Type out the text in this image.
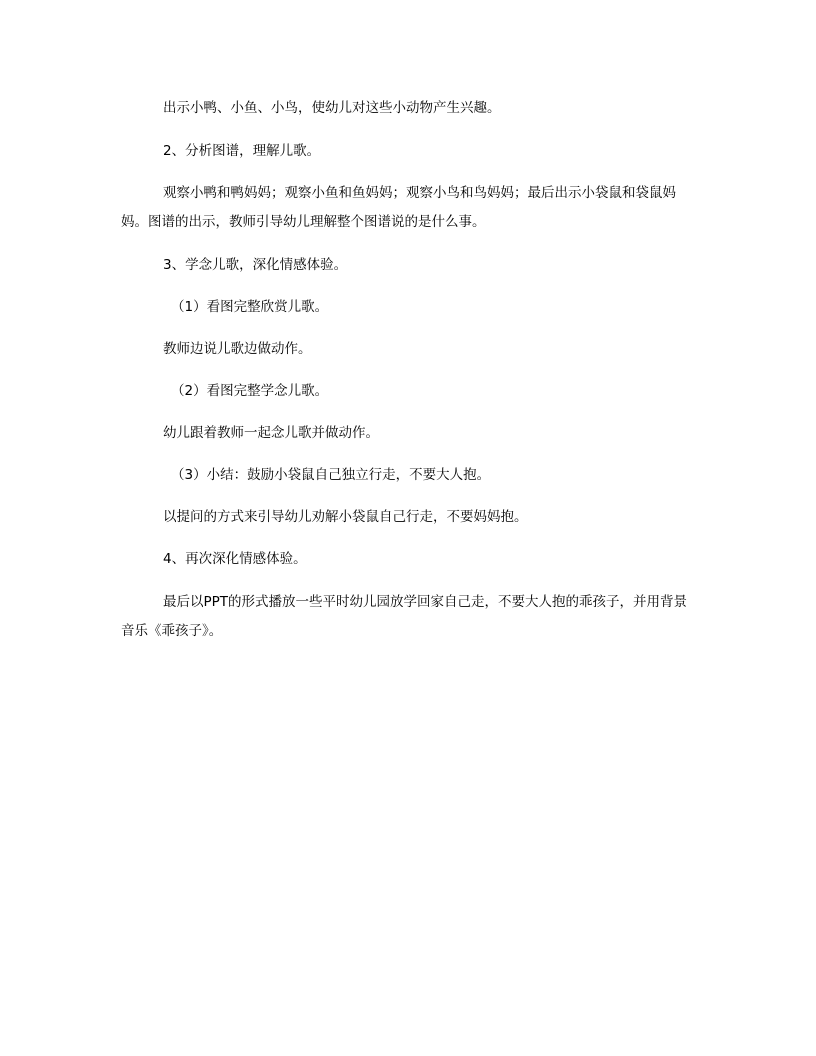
出示小鸭、小鱼、小鸟，使幼儿对这些小动物产生兴趣。

2、分析图谱，理解儿歌。

观察小鸭和鸭妈妈；观察小鱼和鱼妈妈；观察小鸟和鸟妈妈；最后出示小袋鼠和袋鼠妈妈。图谱的出示，教师引导幼儿理解整个图谱说的是什么事。

3、学念儿歌，深化情感体验。

（1）看图完整欣赏儿歌。

教师边说儿歌边做动作。

（2）看图完整学念儿歌。

幼儿跟着教师一起念儿歌并做动作。

（3）小结：鼓励小袋鼠自己独立行走，不要大人抱。

以提问的方式来引导幼儿劝解小袋鼠自己行走，不要妈妈抱。

4、再次深化情感体验。

最后以PPT的形式播放一些平时幼儿园放学回家自己走，不要大人抱的乖孩子，并用背景音乐《乖孩子》。
